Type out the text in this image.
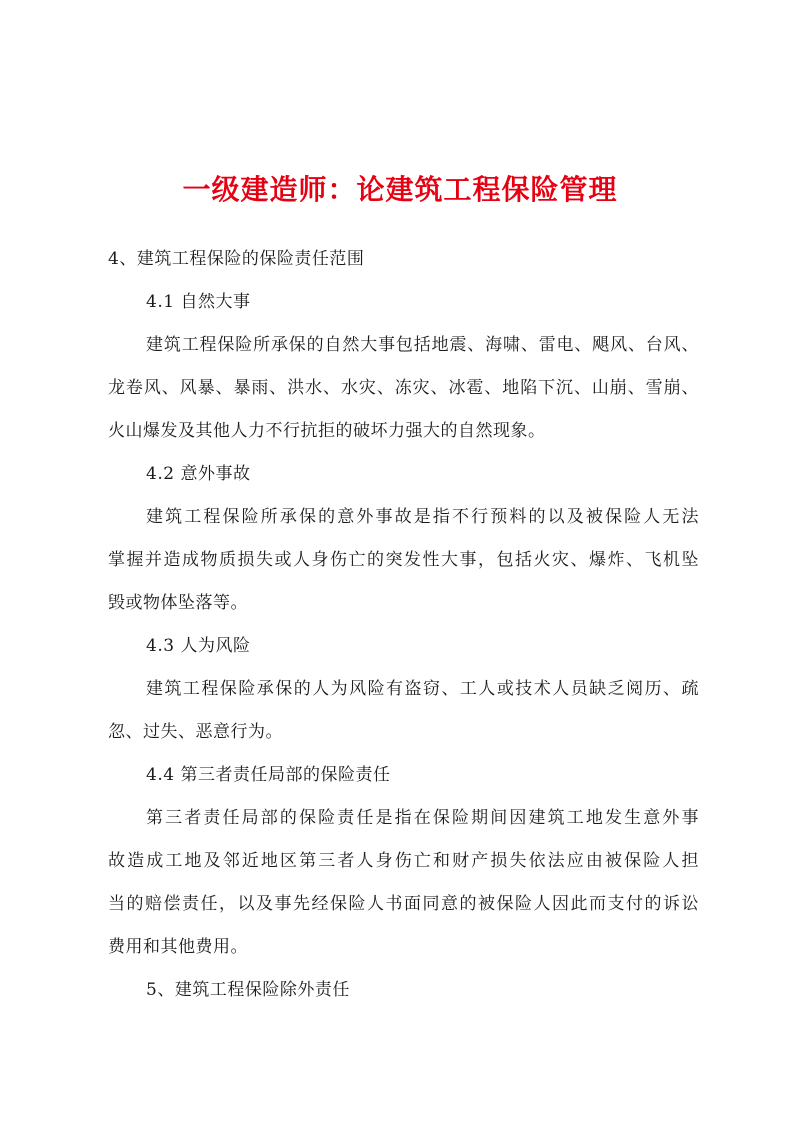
一级建造师：论建筑工程保险管理
4、建筑工程保险的保险责任范围
4.1 自然大事
建筑工程保险所承保的自然大事包括地震、海啸、雷电、飓风、台风、
龙卷风、风暴、暴雨、洪水、水灾、冻灾、冰雹、地陷下沉、山崩、雪崩、
火山爆发及其他人力不行抗拒的破坏力强大的自然现象。
4.2 意外事故
建筑工程保险所承保的意外事故是指不行预料的以及被保险人无法
掌握并造成物质损失或人身伤亡的突发性大事，包括火灾、爆炸、飞机坠
毁或物体坠落等。
4.3 人为风险
建筑工程保险承保的人为风险有盗窃、工人或技术人员缺乏阅历、疏
忽、过失、恶意行为。
4.4 第三者责任局部的保险责任
第三者责任局部的保险责任是指在保险期间因建筑工地发生意外事
故造成工地及邻近地区第三者人身伤亡和财产损失依法应由被保险人担
当的赔偿责任，以及事先经保险人书面同意的被保险人因此而支付的诉讼
费用和其他费用。
5、建筑工程保险除外责任
